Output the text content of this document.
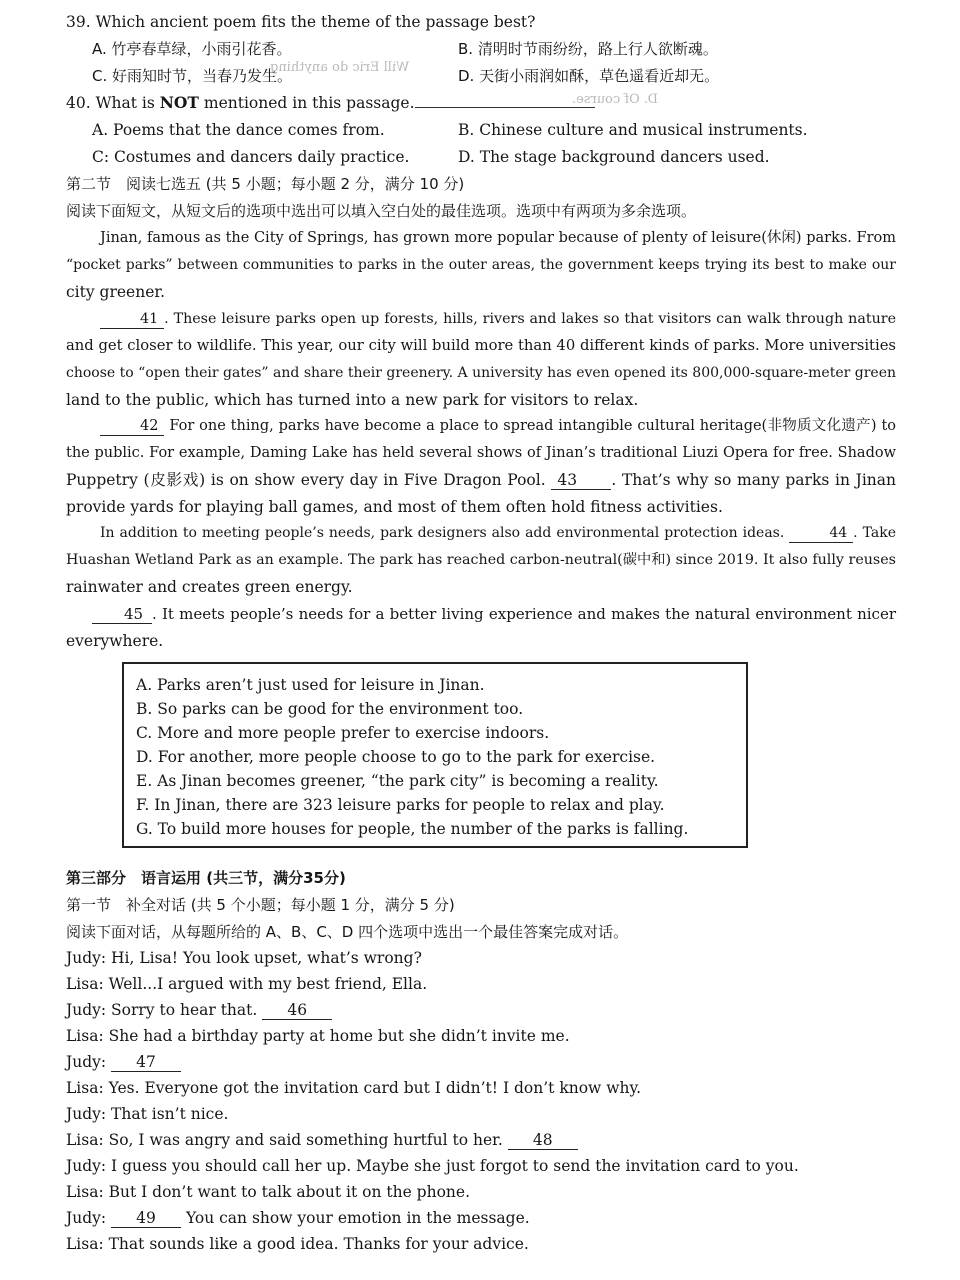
Will Eric do anything
D. Of course.
39. Which ancient poem fits the theme of the passage best?
A. 竹亭春草绿，小雨引花香。	B. 清明时节雨纷纷，路上行人欲断魂。
C. 好雨知时节，当春乃发生。	D. 天街小雨润如酥，草色遥看近却无。
40. What is NOT mentioned in this passage.
A. Poems that the dance comes from.	B. Chinese culture and musical instruments.
C: Costumes and dancers daily practice.	D. The stage background dancers used.
第二节　阅读七选五 (共 5 小题；每小题 2 分，满分 10 分)
阅读下面短文，从短文后的选项中选出可以填入空白处的最佳选项。选项中有两项为多余选项。
Jinan, famous as the City of Springs, has grown more popular because of plenty of leisure(休闲) parks. From
“pocket parks” between communities to parks in the outer areas, the government keeps trying its best to make our
city greener.
41 . These leisure parks open up forests, hills, rivers and lakes so that visitors can walk through nature
and get closer to wildlife. This year, our city will build more than 40 different kinds of parks. More universities
choose to “open their gates” and share their greenery. A university has even opened its 800,000-square-meter green
land to the public, which has turned into a new park for visitors to relax.
42 For one thing, parks have become a place to spread intangible cultural heritage(非物质文化遗产) to
the public. For example, Daming Lake has held several shows of Jinan’s traditional Liuzi Opera for free. Shadow
Puppetry (皮影戏) is on show every day in Five Dragon Pool. 43 . That’s why so many parks in Jinan
provide yards for playing ball games, and most of them often hold fitness activities.
In addition to meeting people’s needs, park designers also add environmental protection ideas.	44 . Take
Huashan Wetland Park as an example. The park has reached carbon-neutral(碳中和) since 2019. It also fully reuses
rainwater and creates green energy.
45 . It meets people’s needs for a better living experience and makes the natural environment nicer
everywhere.
A. Parks aren’t just used for leisure in Jinan.
B. So parks can be good for the environment too.
C. More and more people prefer to exercise indoors.
D. For another, more people choose to go to the park for exercise.
E. As Jinan becomes greener, “the park city” is becoming a reality.
F. In Jinan, there are 323 leisure parks for people to relax and play.
G. To build more houses for people, the number of the parks is falling.
第三部分　语言运用 (共三节，满分35分)
第一节　补全对话 (共 5 个小题；每小题 1 分，满分 5 分)
阅读下面对话，从每题所给的 A、B、C、D 四个选项中选出一个最佳答案完成对话。
Judy: Hi, Lisa! You look upset, what’s wrong?
Lisa: Well...I argued with my best friend, Ella.
Judy: Sorry to hear that. 46
Lisa: She had a birthday party at home but she didn’t invite me.
Judy: 47
Lisa: Yes. Everyone got the invitation card but I didn’t! I don’t know why.
Judy: That isn’t nice.
Lisa: So, I was angry and said something hurtful to her. 48
Judy: I guess you should call her up. Maybe she just forgot to send the invitation card to you.
Lisa: But I don’t want to talk about it on the phone.
Judy: 49 You can show your emotion in the message.
Lisa: That sounds like a good idea. Thanks for your advice.
